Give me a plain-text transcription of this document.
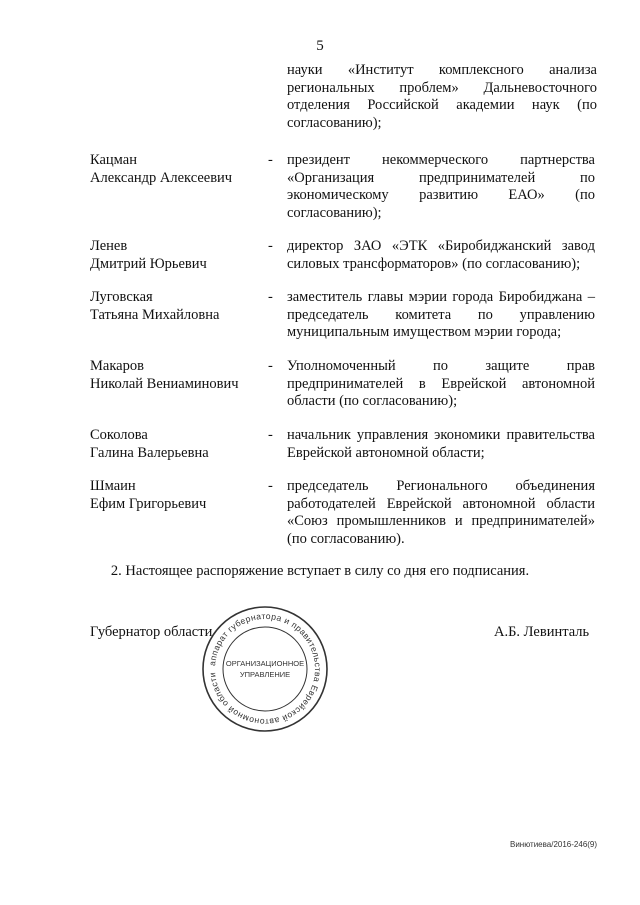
5
науки «Институт комплексного анализа региональных проблем» Дальневосточного отделения Российской академии наук (по согласованию);
Кацман
Александр Алексеевич
- президент некоммерческого партнерства «Организация предпринимателей по экономическому развитию ЕАО» (по согласованию);
Ленев
Дмитрий Юрьевич
- директор ЗАО «ЭТК «Биробиджанский завод силовых трансформаторов» (по согласованию);
Луговская
Татьяна Михайловна
- заместитель главы мэрии города Биробиджана – председатель комитета по управлению муниципальным имуществом мэрии города;
Макаров
Николай Вениаминович
- Уполномоченный по защите прав предпринимателей в Еврейской автономной области (по согласованию);
Соколова
Галина Валерьевна
- начальник управления экономики правительства Еврейской автономной области;
Шмаин
Ефим Григорьевич
- председатель Регионального объединения работодателей Еврейской автономной области «Союз промышленников и предпринимателей» (по согласованию).
2. Настоящее распоряжение вступает в силу со дня его подписания.
Губернатор области	А.Б. Левинталь
аппарат губернатора и правительства Еврейской автономной области
ОРГАНИЗАЦИОННОЕ
УПРАВЛЕНИЕ
Винютиева/2016-246(9)
